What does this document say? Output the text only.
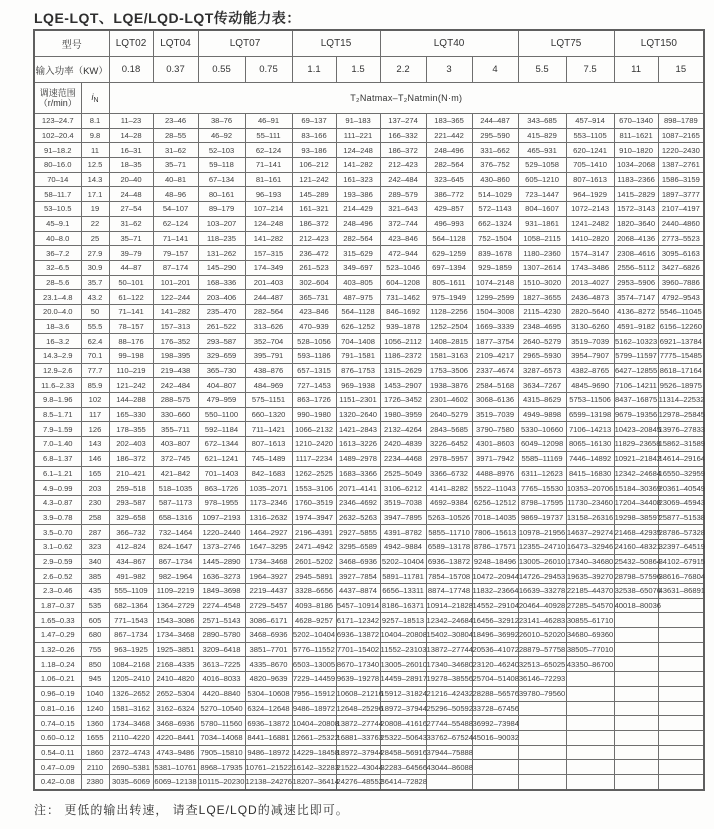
LQE-LQT、LQE/LQD-LQT传动能力表：
型号		LQT02	LQT04	LQT07		LQT15		LQT40			LQT75		LQT150	
输入功率（KW）		0.18	0.37	0.55	0.75	1.1	1.5	2.2	3	4	5.5	7.5	11	15
调速范围
（r/min）	$i_N$	T₂Natmax–T₂Natmin(N·m)												
123–24.7	8.1	11–23	23–46	38–76	46–91	69–137	91–183	137–274	183–365	244–487	343–685	457–914	670–1340	898–1789
102–20.4	9.8	14–28	28–55	46–92	55–111	83–166	111–221	166–332	221–442	295–590	415–829	553–1105	811–1621	1087–2165
91–18.2	11	16–31	31–62	52–103	62–124	93–186	124–248	186–372	248–496	331–662	465–931	620–1241	910–1820	1220–2430
80–16.0	12.5	18–35	35–71	59–118	71–141	106–212	141–282	212–423	282–564	376–752	529–1058	705–1410	1034–2068	1387–2761
70–14	14.3	20–40	40–81	67–134	81–161	121–242	161–323	242–484	323–645	430–860	605–1210	807–1613	1183–2366	1586–3159
58–11.7	17.1	24–48	48–96	80–161	96–193	145–289	193–386	289–579	386–772	514–1029	723–1447	964–1929	1415–2829	1897–3777
53–10.5	19	27–54	54–107	89–179	107–214	161–321	214–429	321–643	429–857	572–1143	804–1607	1072–2143	1572–3143	2107–4197
45–9.1	22	31–62	62–124	103–207	124–248	186–372	248–496	372–744	496–993	662–1324	931–1861	1241–2482	1820–3640	2440–4860
40–8.0	25	35–71	71–141	118–235	141–282	212–423	282–564	423–846	564–1128	752–1504	1058–2115	1410–2820	2068–4136	2773–5523
36–7.2	27.9	39–79	79–157	131–262	157–315	236–472	315–629	472–944	629–1259	839–1678	1180–2360	1574–3147	2308–4616	3095–6163
32–6.5	30.9	44–87	87–174	145–290	174–349	261–523	349–697	523–1046	697–1394	929–1859	1307–2614	1743–3486	2556–5112	3427–6826
28–5.6	35.7	50–101	101–201	168–336	201–403	302–604	403–805	604–1208	805–1611	1074–2148	1510–3020	2013–4027	2953–5906	3960–7886
23.1–4.8	43.2	61–122	122–244	203–406	244–487	365–731	487–975	731–1462	975–1949	1299–2599	1827–3655	2436–4873	3574–7147	4792–9543
20.0–4.0	50	71–141	141–282	235–470	282–564	423–846	564–1128	846–1692	1128–2256	1504–3008	2115–4230	2820–5640	4136–8272	5546–11045
18–3.6	55.5	78–157	157–313	261–522	313–626	470–939	626–1252	939–1878	1252–2504	1669–3339	2348–4695	3130–6260	4591–9182	6156–12260
16–3.2	62.4	88–176	176–352	293–587	352–704	528–1056	704–1408	1056–2112	1408–2815	1877–3754	2640–5279	3519–7039	5162–10323	6921–13784
14.3–2.9	70.1	99–198	198–395	329–659	395–791	593–1186	791–1581	1186–2372	1581–3163	2109–4217	2965–5930	3954–7907	5799–11597	7775–15485
12.9–2.6	77.7	110–219	219–438	365–730	438–876	657–1315	876–1753	1315–2629	1753–3506	2337–4674	3287–6573	4382–8765	6427–12855	8618–17164
11.6–2.33	85.9	121–242	242–484	404–807	484–969	727–1453	969–1938	1453–2907	1938–3876	2584–5168	3634–7267	4845–9690	7106–14211	9526–18975
9.8–1.96	102	144–288	288–575	479–959	575–1151	863–1726	1151–2301	1726–3452	2301–4602	3068–6136	4315–8629	5753–11506	8437–16875	11314–22532
8.5–1.71	117	165–330	330–660	550–1100	660–1320	990–1980	1320–2640	1980–3959	2640–5279	3519–7039	4949–9898	6599–13198	9679–19356	12978–25845
7.9–1.59	126	178–355	355–711	592–1184	711–1421	1066–2132	1421–2843	2132–4264	2843–5685	3790–7580	5330–10660	7106–14213	10423–20845	13976–27833
7.0–1.40	143	202–403	403–807	672–1344	807–1613	1210–2420	1613–3226	2420–4839	3226–6452	4301–8603	6049–12098	8065–16130	11829–23658	15862–31589
6.8–1.37	146	186–372	372–745	621–1241	745–1489	1117–2234	1489–2978	2234–4468	2978–5957	3971–7942	5585–11169	7446–14892	10921–21842	14614–29164
6.1–1.21	165	210–421	421–842	701–1403	842–1683	1262–2525	1683–3366	2525–5049	3366–6732	4488–8976	6311–12623	8415–16830	12342–24684	16550–32959
4.9–0.99	203	259–518	518–1035	863–1726	1035–2071	1553–3106	2071–4141	3106–6212	4141–8282	5522–11043	7765–15530	10353–20706	15184–30369	20361–40549
4.3–0.87	230	293–587	587–1173	978–1955	1173–2346	1760–3519	2346–4692	3519–7038	4692–9384	6256–12512	8798–17595	11730–23460	17204–34408	23069–45943
3.9–0.78	258	329–658	658–1316	1097–2193	1316–2632	1974–3947	2632–5263	3947–7895	5263–10526	7018–14035	9869–19737	13158–26316	19298–38597	25877–51538
3.5–0.70	287	366–732	732–1464	1220–2440	1464–2927	2196–4391	2927–5855	4391–8782	5855–11710	7806–15613	10978–21956	14637–29274	21468–42935	28786–57328
3.1–0.62	323	412–824	824–1647	1373–2746	1647–3295	2471–4942	3295–6589	4942–9884	6589–13178	8786–17571	12355–24710	16473–32946	24160–48321	32397–64519
2.9–0.59	340	434–867	867–1734	1445–2890	1734–3468	2601–5202	3468–6936	5202–10404	6936–13872	9248–18496	13005–26010	17340–34680	25432–50864	34102–67915
2.6–0.52	385	491–982	982–1964	1636–3273	1964–3927	2945–5891	3927–7854	5891–11781	7854–15708	10472–20944	14726–29453	19635–39270	28798–57596	38616–76804
2.3–0.46	435	555–1109	1109–2219	1849–3698	2219–4437	3328–6656	4437–8874	6656–13311	8874–17748	11832–23664	16639–33278	22185–44370	32538–65076	43631–86891
1.87–0.37	535	682–1364	1364–2729	2274–4548	2729–5457	4093–8186	5457–10914	8186–16371	10914–21828	14552–29104	20464–40928	27285–54570	40018–80036	
1.65–0.33	605	771–1543	1543–3086	2571–5143	3086–6171	4628–9257	6171–12342	9257–18513	12342–24684	16456–32912	23141–46283	30855–61710		
1.47–0.29	680	867–1734	1734–3468	2890–5780	3468–6936	5202–10404	6936–13872	10404–20808	15402–30804	18496–36992	26010–52020	34680–69360		
1.32–0.26	755	963–1925	1925–3851	3209–6418	3851–7701	5776–11552	7701–15402	11552–23103	13872–27744	20536–41072	28879–57758	38505–77010		
1.18–0.24	850	1084–2168	2168–4335	3613–7225	4335–8670	6503–13005	8670–17340	13005–26010	17340–34680	23120–46240	32513–65025	43350–86700		
1.06–0.21	945	1205–2410	2410–4820	4016–8033	4820–9639	7229–14459	9639–19278	14459–28917	19278–38556	25704–51408	36146–72293			
0.96–0.19	1040	1326–2652	2652–5304	4420–8840	5304–10608	7956–15912	10608–21216	15912–31824	21216–42432	28288–56576	39780–79560			
0.81–0.16	1240	1581–3162	3162–6324	5270–10540	6324–12648	9486–18972	12648–25296	18972–37944	25296–50592	33728–67456				
0.74–0.15	1360	1734–3468	3468–6936	5780–11560	6936–13872	10404–20808	13872–27744	20808–41616	27744–55488	36992–73984				
0.60–0.12	1655	2110–4220	4220–8441	7034–14068	8441–16881	12661–25322	16881–33763	25322–50643	33762–67524	45016–90032				
0.54–0.11	1860	2372–4743	4743–9486	7905–15810	9486–18972	14229–18458	18972–37944	28458–56916	37944–75888					
0.47–0.09	2110	2690–5381	5381–10761	8968–17935	10761–21522	16142–32283	21522–43044	32283–64566	43044–86088					
0.42–0.08	2380	3035–6069	6069–12138	10115–20230	12138–24276	18207–36414	24276–48552	36414–72828						
注： 更低的输出转速， 请查LQE/LQD的减速比即可。
